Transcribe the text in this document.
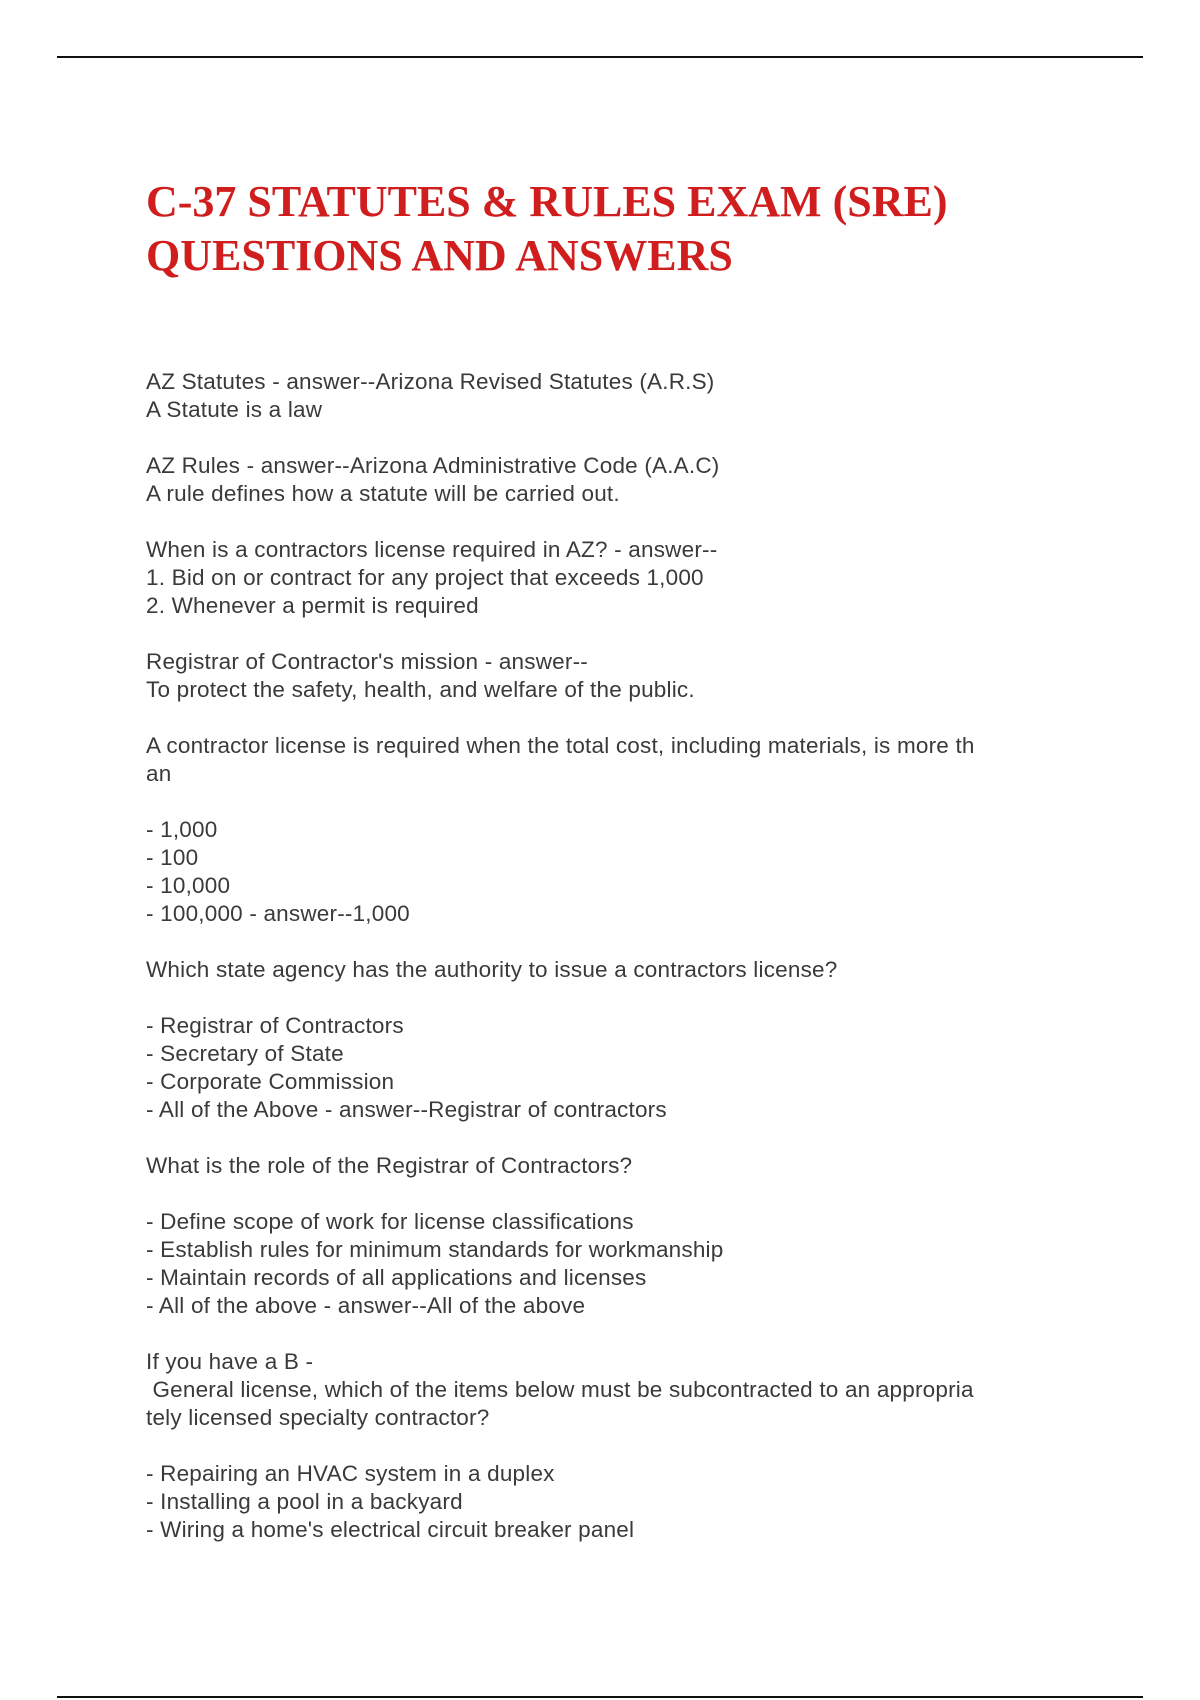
C-37 STATUTES & RULES EXAM (SRE)
QUESTIONS AND ANSWERS
AZ Statutes - answer--Arizona Revised Statutes (A.R.S)
A Statute is a law
AZ Rules - answer--Arizona Administrative Code (A.A.C)
A rule defines how a statute will be carried out.
When is a contractors license required in AZ? - answer--
1. Bid on or contract for any project that exceeds 1,000
2. Whenever a permit is required
Registrar of Contractor's mission - answer--
To protect the safety, health, and welfare of the public.
A contractor license is required when the total cost, including materials, is more th
an
- 1,000
- 100
- 10,000
- 100,000 - answer--1,000
Which state agency has the authority to issue a contractors license?
- Registrar of Contractors
- Secretary of State
- Corporate Commission
- All of the Above - answer--Registrar of contractors
What is the role of the Registrar of Contractors?
- Define scope of work for license classifications
- Establish rules for minimum standards for workmanship
- Maintain records of all applications and licenses
- All of the above - answer--All of the above
If you have a B -
General license, which of the items below must be subcontracted to an appropria
tely licensed specialty contractor?
- Repairing an HVAC system in a duplex
- Installing a pool in a backyard
- Wiring a home's electrical circuit breaker panel
